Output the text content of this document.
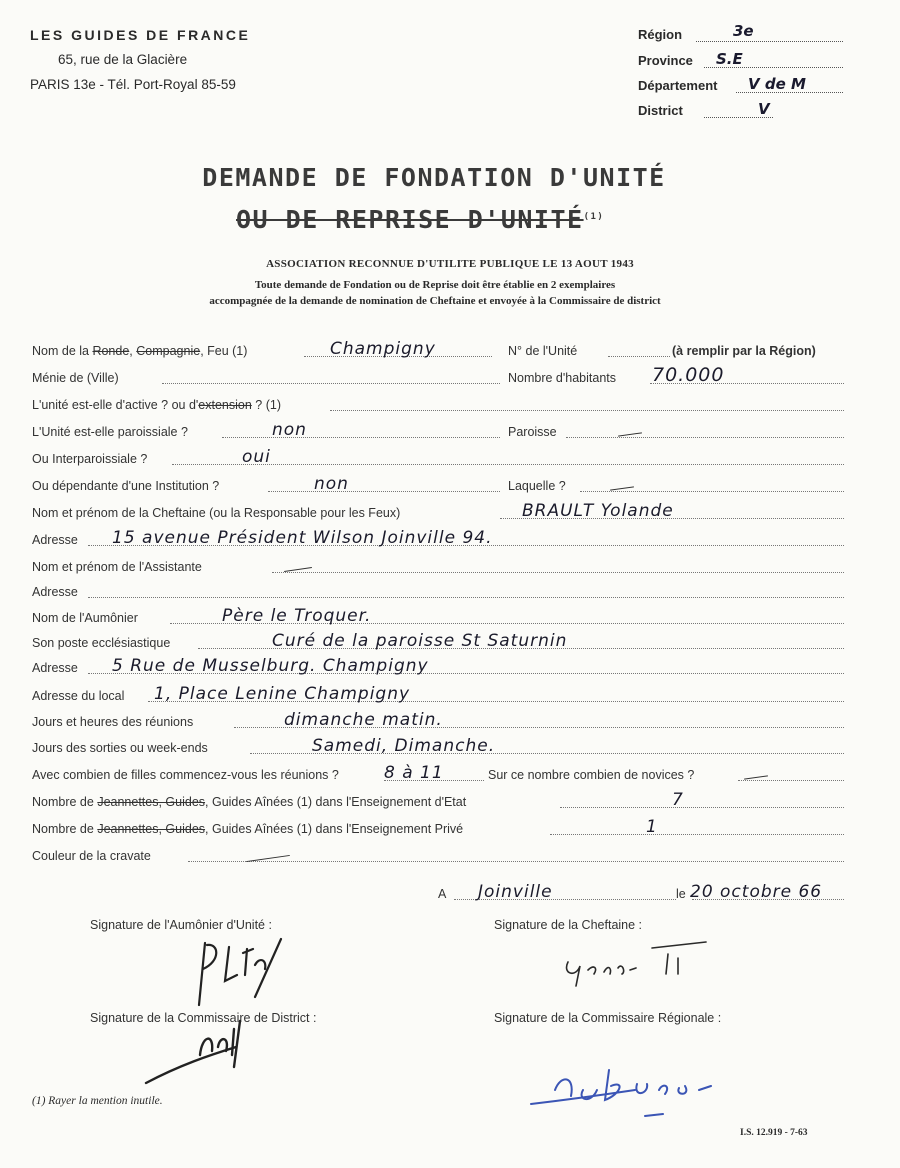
LES GUIDES DE FRANCE
65, rue de la Glacière
PARIS 13e - Tél. Port-Royal 85-59
Région	3e
Province S.E
Département V de M
District	V
DEMANDE DE FONDATION D'UNITÉ
OU DE REPRISE D'UNITÉ$^{(1)}$
ASSOCIATION RECONNUE D'UTILITE PUBLIQUE LE 13 AOUT 1943
Toute demande de Fondation ou de Reprise doit être établie en 2 exemplaires
accompagnée de la demande de nomination de Cheftaine et envoyée à la Commissaire de district
Nom de la Ronde, Compagnie, Feu (1)	Champigny	N° de l'Unité	(à remplir par la Région)
Ménie de (Ville)	Nombre d'habitants 70.000
L'unité est-elle d'active ? ou d'extension ? (1)
L'Unité est-elle paroissiale ?	non	Paroisse
Ou Interparoissiale ?	oui
Ou dépendante d'une Institution ?	non	Laquelle ?
Nom et prénom de la Cheftaine (ou la Responsable pour les Feux)	BRAULT Yolande
Adresse 15 avenue Président Wilson Joinville 94.
Nom et prénom de l'Assistante
Adresse
Nom de l'Aumônier	Père le Troquer.
Son poste ecclésiastique	Curé de la paroisse St Saturnin
Adresse 5 Rue de Musselburg. Champigny
Adresse du local 1, Place Lenine Champigny
Jours et heures des réunions	dimanche matin.
Jours des sorties ou week-ends	Samedi, Dimanche.
Avec combien de filles commencez-vous les réunions ?	8 à 11	Sur ce nombre combien de novices ?
Nombre de Jeannettes, Guides, Guides Aînées (1) dans l'Enseignement d'Etat	7
Nombre de Jeannettes, Guides, Guides Aînées (1) dans l'Enseignement Privé	1
Couleur de la cravate
A Joinville	le 20 octobre 66
Signature de l'Aumônier d'Unité :	Signature de la Cheftaine :
Signature de la Commissaire de District :	Signature de la Commissaire Régionale :
(1) Rayer la mention inutile.
I.S. 12.919 - 7-63
